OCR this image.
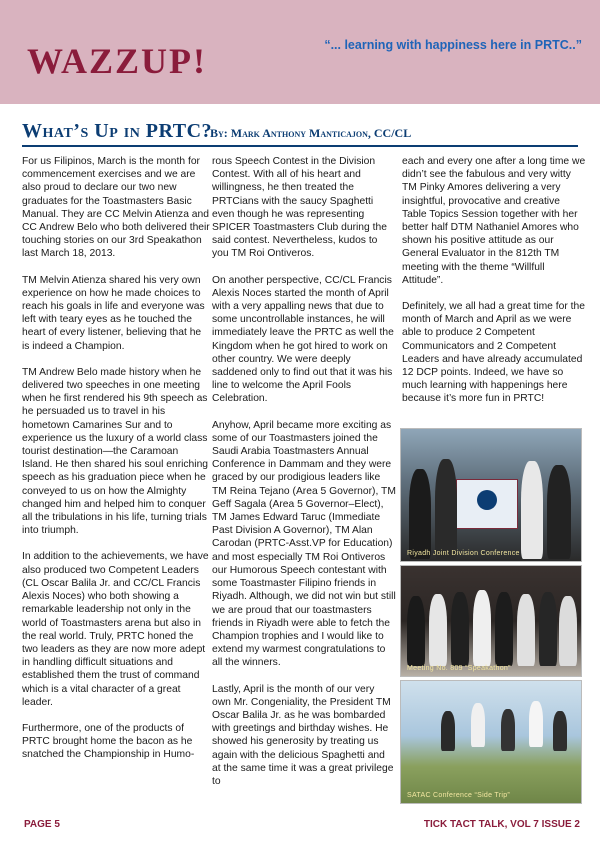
WAZZUP!	“... learning with happiness here in PRTC..”
What’s Up in PRTC?
By: Mark Anthony Manticajon, CC/CL

For us Filipinos, March is the month for commencement exercises and we are also proud to declare our two new graduates for the Toastmasters Basic Manual. They are CC Melvin Atienza and CC Andrew Belo who both delivered their touching stories on our 3rd Speakathon last March 18, 2013.

TM Melvin Atienza shared his very own experience on how he made choices to reach his goals in life and everyone was left with teary eyes as he touched the heart of every listener, believing that he is indeed a Champion.

TM Andrew Belo made history when he delivered two speeches in one meeting when he first rendered his 9th speech as he persuaded us to travel in his hometown Camarines Sur and to experience us the luxury of a world class tourist destination—the Caramoan Island. He then shared his soul enriching speech as his graduation piece when he conveyed to us on how the Almighty changed him and helped him to conquer all the tribulations in his life, turning trials into triumph.

In addition to the achievements, we have also produced two Competent Leaders (CL Oscar Balila Jr. and CC/CL Francis Alexis Noces) who both showing a remarkable leadership not only in the world of Toastmasters arena but also in the real world. Truly, PRTC honed the two leaders as they are now more adept in handling difficult situations and established them the trust of command which is a vital character of a great leader.

Furthermore, one of the products of PRTC brought home the bacon as he snatched the Championship in Humo-

rous Speech Contest in the Division Contest. With all of his heart and willingness, he then treated the PRTCians with the saucy Spaghetti even though he was representing SPICER Toastmasters Club during the said contest. Nevertheless, kudos to you TM Roi Ontiveros.

On another perspective, CC/CL Francis Alexis Noces started the month of April with a very appalling news that due to some uncontrollable instances, he will immediately leave the PRTC as well the Kingdom when he got hired to work on other country. We were deeply saddened only to find out that it was his line to welcome the April Fools Celebration.

Anyhow, April became more exciting as some of our Toastmasters joined the Saudi Arabia Toastmasters Annual Conference in Dammam and they were graced by our prodigious leaders like TM Reina Tejano (Area 5 Governor), TM Geff Sagala (Area 5 Governor–Elect), TM James Edward Taruc (Immediate Past Division A Governor), TM Alan Carodan (PRTC-Asst.VP for Education) and most especially TM Roi Ontiveros our Humorous Speech contestant with some Toastmaster Filipino friends in Riyadh. Although, we did not win but still we are proud that our toastmasters friends in Riyadh were able to fetch the Champion trophies and I would like to extend my warmest congratulations to all the winners.

Lastly, April is the month of our very own Mr. Congeniality, the President TM Oscar Balila Jr. as he was bombarded with greetings and birthday wishes. He showed his generosity by treating us again with the delicious Spaghetti and at the same time it was a great privilege to

each and every one after a long time we didn’t see the fabulous and very witty TM Pinky Amores delivering a very insightful, provocative and creative Table Topics Session together with her better half DTM Nathaniel Amores who shown his positive attitude as our General Evaluator in the 812th TM meeting with the theme “Willfull Attitude”.

Definitely, we all had a great time for the month of March and April as we were able to produce 2 Competent Communicators and 2 Competent Leaders and have already accumulated 12 DCP points. Indeed, we have so much learning with happenings here because it’s more fun in PRTC!

Riyadh Joint Division Conference
Meeting No. 809 “Speakathon”
SATAC Conference “Side Trip”
PAGE 5	TICK TACT TALK, VOL 7 ISSUE 2
